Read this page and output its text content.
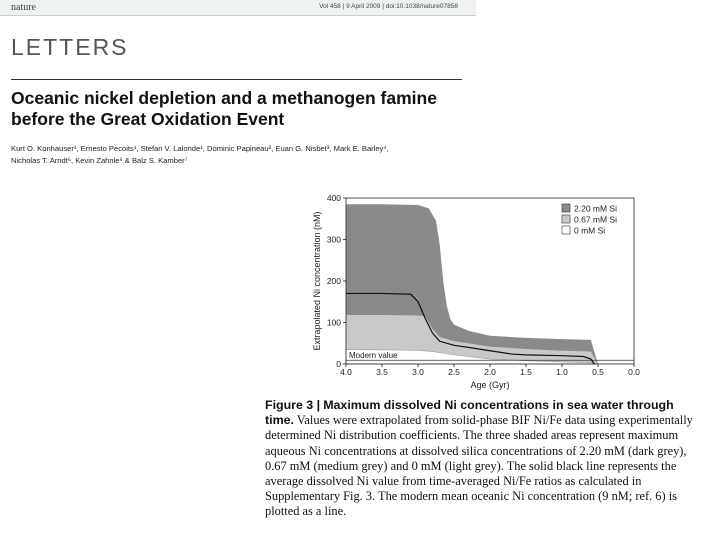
nature	Vol 458 | 9 April 2009 | doi:10.1038/nature07858
LETTERS
Oceanic nickel depletion and a methanogen famine
before the Great Oxidation Event
Kurt O. Konhauser¹, Ernesto Pecoits¹, Stefan V. Lalonde¹, Dominic Papineau², Euan G. Nisbet³, Mark E. Barley⁴,
Nicholas T. Arndt⁵, Kevin Zahnle⁶ & Balz S. Kamber⁷
Modern value
4.0	3.5	3.0	2.5	2.0	1.5	1.0	0.5	0.0
0
100
200
300
400
Age (Gyr)
Extrapolated Ni concentration (nM)
2.20 mM Si
0.67 mM Si
0 mM Si
Figure 3 | Maximum dissolved Ni concentrations in sea water through time. Values were extrapolated from solid-phase BIF Ni/Fe data using experimentally determined Ni distribution coefficients. The three shaded areas represent maximum aqueous Ni concentrations at dissolved silica concentrations of 2.20 mM (dark grey), 0.67 mM (medium grey) and 0 mM (light grey). The solid black line represents the average dissolved Ni value from time-averaged Ni/Fe ratios as calculated in Supplementary Fig. 3. The modern mean oceanic Ni concentration (9 nM; ref. 6) is plotted as a line.
